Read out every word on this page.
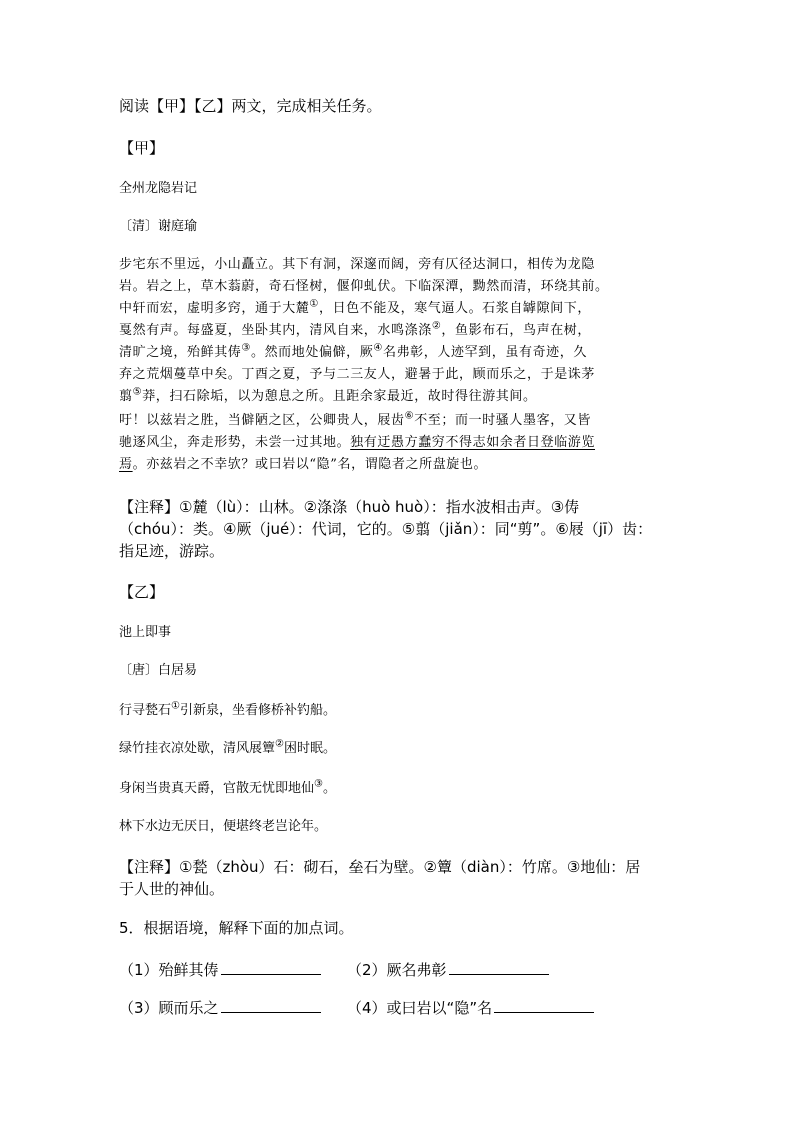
阅读【甲】【乙】两文，完成相关任务。
【甲】
全州龙隐岩记
〔清〕谢庭瑜
步宅东不里远，小山矗立。其下有洞，深邃而阔，旁有仄径达洞口，相传为龙隐
岩。岩之上，草木蓊蔚，奇石怪树，偃仰虬伏。下临深潭，黝然而清，环绕其前。
中轩而宏，虚明多窍，通于大麓①，日色不能及，寒气逼人。石浆自罅隙间下，
戛然有声。每盛夏，坐卧其内，清风自来，水鸣涤涤②，鱼影布石，鸟声在树，
清旷之境，殆鲜其俦③。然而地处偏僻，厥④名弗彰，人迹罕到，虽有奇迹，久
弃之荒烟蔓草中矣。丁酉之夏，予与二三友人，避暑于此，顾而乐之，于是诛茅
翦⑤莽，扫石除垢，以为憩息之所。且距余家最近，故时得往游其间。
吁！以兹岩之胜，当僻陋之区，公卿贵人，屐齿⑥不至；而一时骚人墨客，又皆
驰逐风尘，奔走形势，未尝一过其地。独有迂愚方蠢穷不得志如余者日登临游览
焉。亦兹岩之不幸欤？或曰岩以“隐”名，谓隐者之所盘旋也。
【注释】①麓（lù）：山林。②涤涤（huò huò）：指水波相击声。③俦
（chóu）：类。④厥（jué）：代词，它的。⑤翦（jiǎn）：同“剪”。⑥屐（jī）齿：
指足迹，游踪。
【乙】
池上即事
〔唐〕白居易
行寻甃石①引新泉，坐看修桥补钓船。
绿竹挂衣凉处歇，清风展簟②困时眠。
身闲当贵真天爵，官散无忧即地仙③。
林下水边无厌日，便堪终老岂论年。
【注释】①甃（zhòu）石：砌石，垒石为壁。②簟（diàn）：竹席。③地仙：居
于人世的神仙。
5．根据语境，解释下面的加点词。
（1）殆鲜其俦	（2）厥名弗彰
（3）顾而乐之	（4）或曰岩以“隐”名
